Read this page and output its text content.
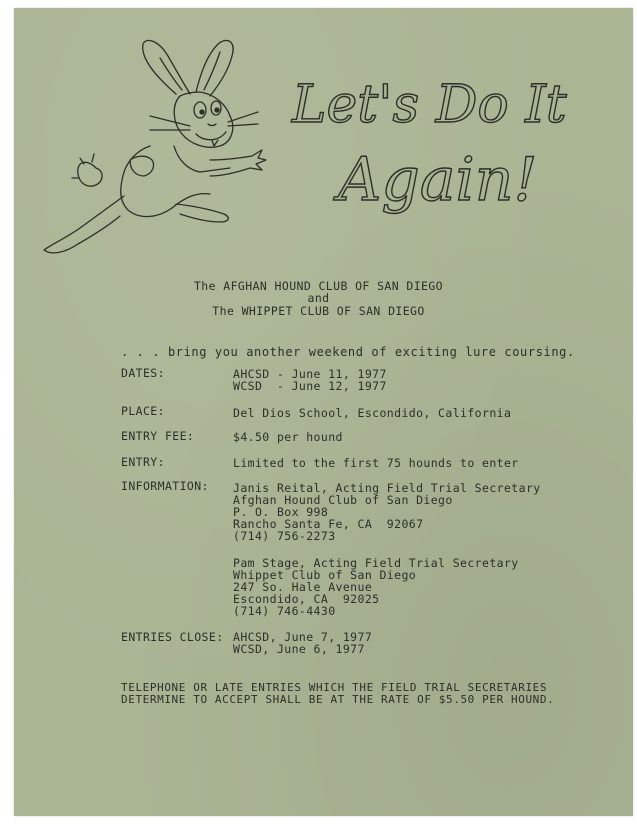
Let's Do It
Again!
The AFGHAN HOUND CLUB OF SAN DIEGO
and
The WHIPPET CLUB OF SAN DIEGO
. . . bring you another weekend of exciting lure coursing.
DATES:	AHCSD - June 11, 1977
WCSD  - June 12, 1977
PLACE:	Del Dios School, Escondido, California
ENTRY FEE:	$4.50 per hound
ENTRY:	Limited to the first 75 hounds to enter
INFORMATION: Janis Reital, Acting Field Trial Secretary
Afghan Hound Club of San Diego
P. O. Box 998
Rancho Santa Fe, CA  92067
(714) 756-2273
Pam Stage, Acting Field Trial Secretary
Whippet Club of San Diego
247 So. Hale Avenue
Escondido, CA  92025
(714) 746-4430
ENTRIES CLOSE: AHCSD, June 7, 1977
WCSD, June 6, 1977
TELEPHONE OR LATE ENTRIES WHICH THE FIELD TRIAL SECRETARIES
DETERMINE TO ACCEPT SHALL BE AT THE RATE OF $5.50 PER HOUND.
